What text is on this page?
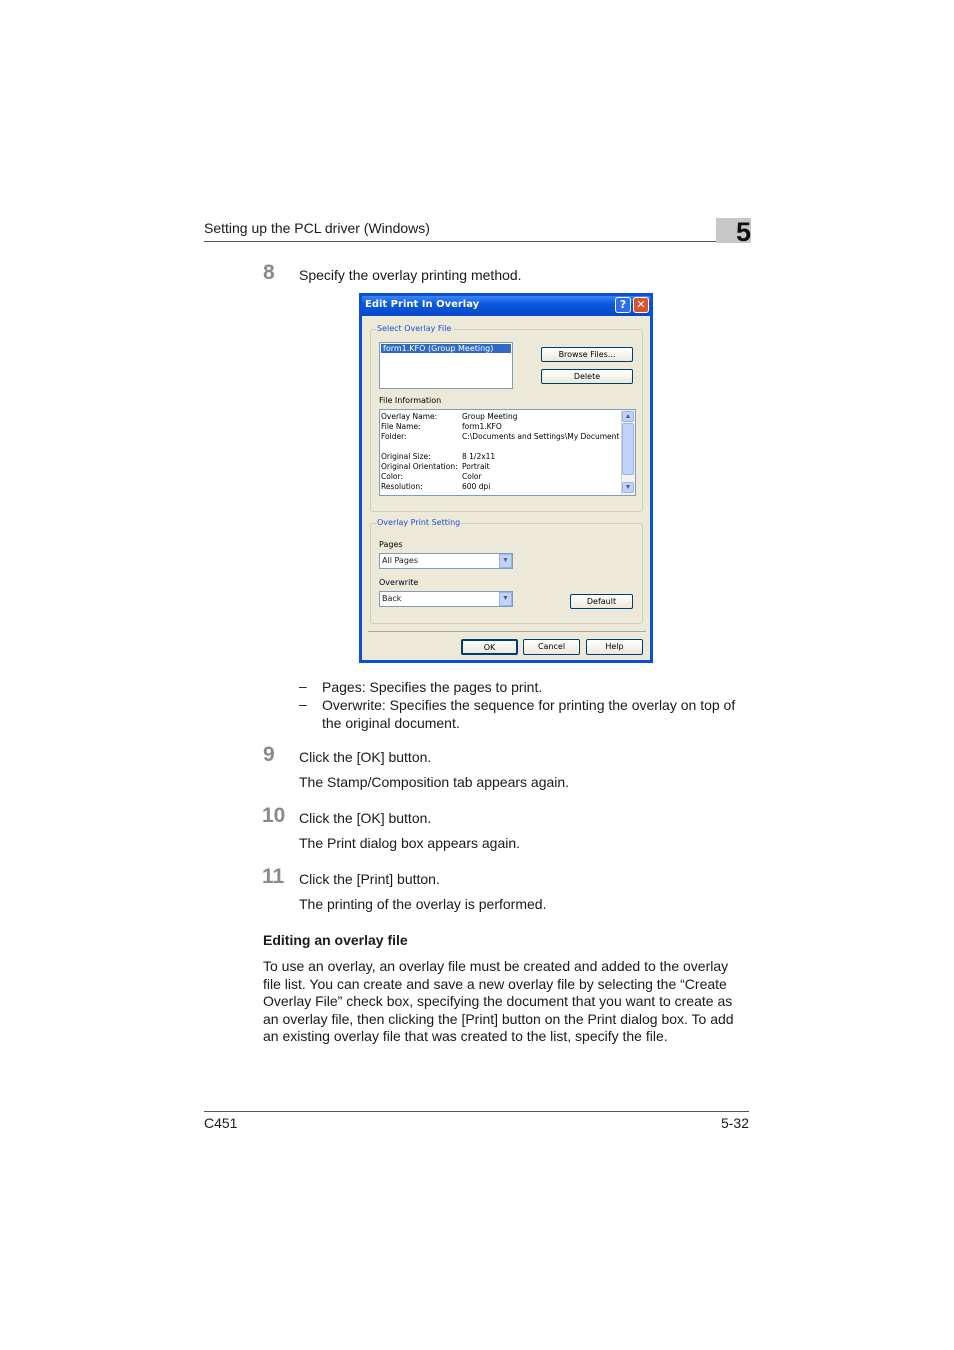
Setting up the PCL driver (Windows)	5
8 Specify the overlay printing method.
Edit Print In Overlay	? ✕
Select Overlay File
form1.KFO (Group Meeting)
Browse Files...
Delete
File Information
▲
▼
Overlay Name:	Group Meeting
File Name:	form1.KFO
Folder:	C:\Documents and Settings\My Document
Original Size:	8 1/2x11
Original Orientation: Portrait
Color:	Color
Resolution:	600 dpi
Overlay Print Setting
Pages
All Pages	▼
Overwrite
Back	▼	Default
OK	Cancel	Help
– Pages: Specifies the pages to print.
– Overwrite: Specifies the sequence for printing the overlay on top of
the original document.
9 Click the [OK] button.
The Stamp/Composition tab appears again.
10 Click the [OK] button.
The Print dialog box appears again.
11 Click the [Print] button.
The printing of the overlay is performed.
Editing an overlay file
To use an overlay, an overlay file must be created and added to the overlay
file list. You can create and save a new overlay file by selecting the “Create
Overlay File” check box, specifying the document that you want to create as
an overlay file, then clicking the [Print] button on the Print dialog box. To add
an existing overlay file that was created to the list, specify the file.
C451	5-32
